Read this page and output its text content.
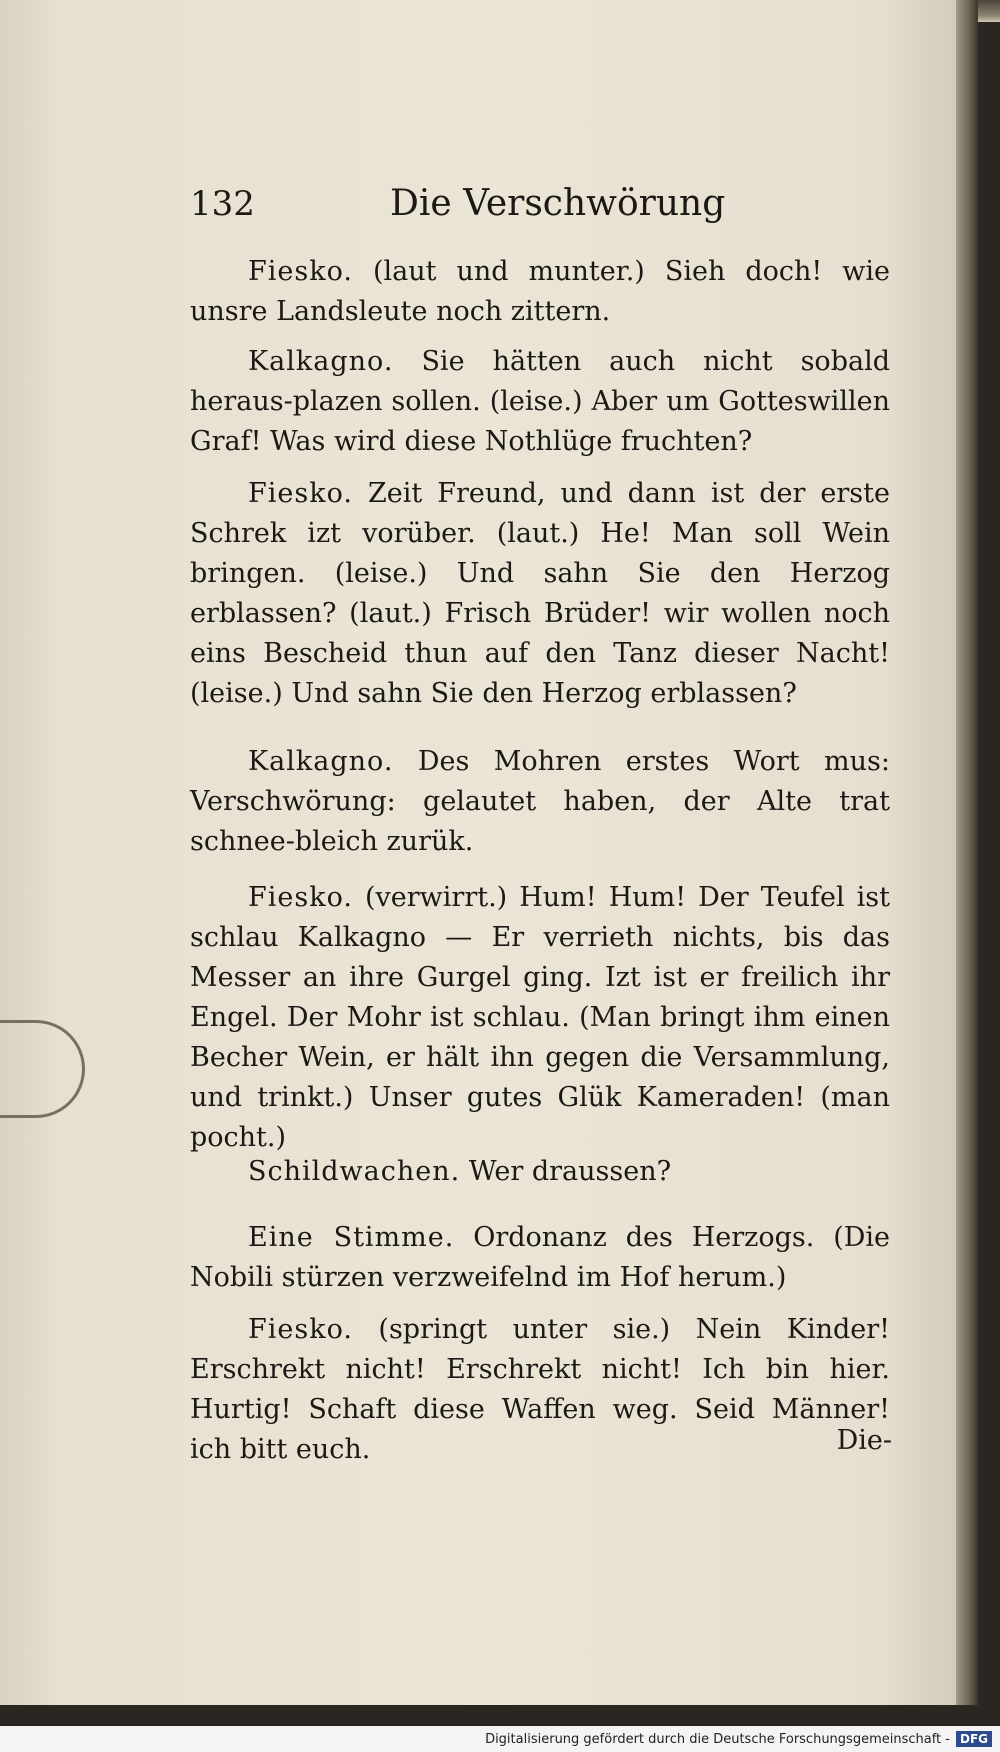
132	Die Verschwörung

Fiesko. (laut und munter.) Sieh doch! wie unsre Landsleute noch zittern.

Kalkagno. Sie hätten auch nicht sobald heraus-plazen sollen. (leise.) Aber um Gotteswillen Graf! Was wird diese Nothlüge fruchten?

Fiesko. Zeit Freund, und dann ist der erste Schrek izt vorüber. (laut.) He! Man soll Wein bringen. (leise.) Und sahn Sie den Herzog erblassen? (laut.) Frisch Brüder! wir wollen noch eins Bescheid thun auf den Tanz dieser Nacht! (leise.) Und sahn Sie den Herzog erblassen?

Kalkagno. Des Mohren erstes Wort mus: Verschwörung: gelautet haben, der Alte trat schnee-bleich zurük.

Fiesko. (verwirrt.) Hum! Hum! Der Teufel ist schlau Kalkagno — Er verrieth nichts, bis das Messer an ihre Gurgel ging. Izt ist er freilich ihr Engel. Der Mohr ist schlau. (Man bringt ihm einen Becher Wein, er hält ihn gegen die Versammlung, und trinkt.) Unser gutes Glük Kameraden! (man pocht.)

Schildwachen. Wer draussen?

Eine Stimme. Ordonanz des Herzogs. (Die Nobili stürzen verzweifelnd im Hof herum.)

Fiesko. (springt unter sie.) Nein Kinder! Erschrekt nicht! Erschrekt nicht! Ich bin hier. Hurtig! Schaft diese Waffen weg. Seid Männer! ich bitt euch.	Die-
Digitalisierung gefördert durch die Deutsche Forschungsgemeinschaft - DFG
